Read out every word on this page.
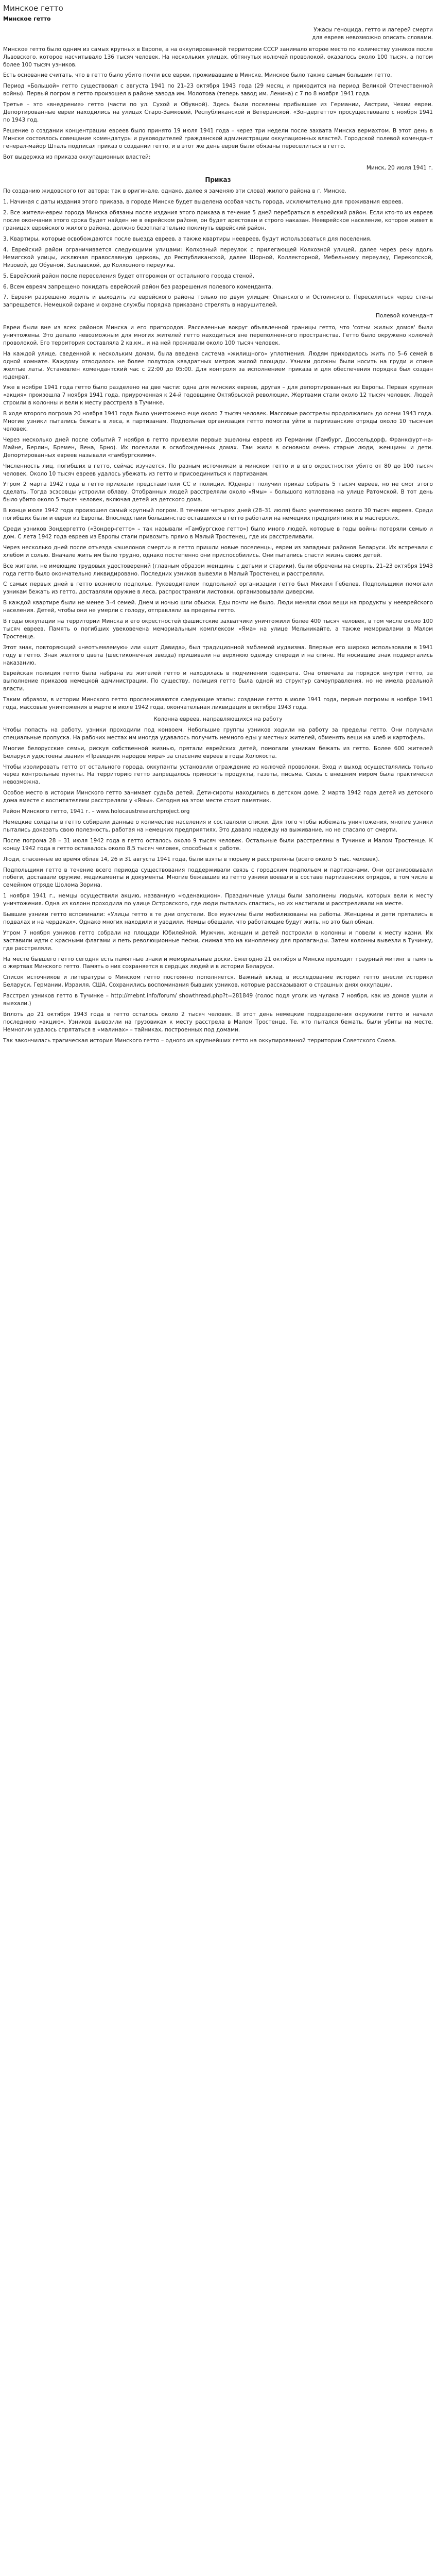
Минское гетто
Минское гетто
Ужасы геноцида, гетто и лагерей смерти
для евреев невозможно описать словами.

Минское гетто было одним из самых крупных в Европе, а на оккупированной территории СССР занимало второе место по количеству узников после Львовского, которое насчитывало 136 тысяч человек. На нескольких улицах, обтянутых колючей проволокой, оказалось около 100 тысяч, а потом более 100 тысяч узников.

Есть основание считать, что в гетто было убито почти все евреи, проживавшие в Минске. Минское было также самым большим гетто.

Период «Большой» гетто существовал с августа 1941 по 21–23 октября 1943 года (29 месяц и приходится на период Великой Отечественной войны). Первый погром в гетто произошел в районе завода им. Молотова (теперь завод им. Ленина) с 7 по 8 ноября 1941 года.

Третье – это «внедрение» гетто (части по ул. Сухой и Обувной). Здесь были поселены прибывшие из Германии, Австрии, Чехии евреи. Депортированные евреи находились на улицах Старо-Замковой, Республиканской и Ветеранской. «Зондергетто» просуществовало с ноября 1941 по 1943 год.

Решение о создании концентрации евреев было принято 19 июля 1941 года – через три недели после захвата Минска вермахтом. В этот день в Минске состоялось совещание комендатуры и руководителей гражданской администрации оккупационных властей. Городской полевой комендант генерал-майор Шталь подписал приказ о создании гетто, и в этот же день евреи были обязаны переселиться в гетто.

Вот выдержка из приказа оккупационных властей:

Минск, 20 июля 1941 г.
Приказ

По созданию жидовского (от автора: так в оригинале, однако, далее я заменяю эти слова) жилого района в г. Минске.

1. Начиная с даты издания этого приказа, в городе Минске будет выделена особая часть города, исключительно для проживания евреев.

2. Все жители-евреи города Минска обязаны после издания этого приказа в течение 5 дней перебраться в еврейский район. Если кто-то из евреев после окончания этого срока будет найден не в еврейском районе, он будет арестован и строго наказан. Нееврейское население, которое живет в границах еврейского жилого района, должно безотлагательно покинуть еврейский район.

3. Квартиры, которые освобождаются после выезда евреев, а также квартиры неевреев, будут использоваться для поселения.

4. Еврейский район ограничивается следующими улицами: Колхозный переулок с прилегающей Колхозной улицей, далее через реку вдоль Немигской улицы, исключая православную церковь, до Республиканской, далее Шорной, Коллекторной, Мебельному переулку, Перекопской, Низовой, до Обувной, Заславской, до Колхозного переулка.

5. Еврейский район после переселения будет отгорожен от остального города стеной.

6. Всем евреям запрещено покидать еврейский район без разрешения полевого коменданта.

7. Евреям разрешено ходить и выходить из еврейского района только по двум улицам: Опанского и Остоинского. Переселиться через стены запрещается. Немецкой охране и охране службы порядка приказано стрелять в нарушителей.

Полевой комендант

Евреи были вне из всех районов Минска и его пригородов. Расселенные вокруг объявленной границы гетто, что 'сотни жилых домов' были уничтожены. Это делало невозможным для многих жителей гетто находиться вне переполненного пространства. Гетто было окружено колючей проволокой. Его территория составляла 2 кв.км., и на ней проживали около 100 тысяч человек.

На каждой улице, сведенной к нескольким домам, была введена система «жилищного» уплотнения. Людям приходилось жить по 5–6 семей в одной комнате. Каждому отводилось не более полутора квадратных метров жилой площади. Узники должны были носить на груди и спине желтые латы. Установлен комендантский час с 22:00 до 05:00. Для контроля за исполнением приказа и для обеспечения порядка был создан юденрат.

Уже в ноябре 1941 года гетто было разделено на две части: одна для минских евреев, другая – для депортированных из Европы. Первая крупная «акция» произошла 7 ноября 1941 года, приуроченная к 24-й годовщине Октябрьской революции. Жертвами стали около 12 тысяч человек. Людей строили в колонны и вели к месту расстрела в Тучинке.

В ходе второго погрома 20 ноября 1941 года было уничтожено еще около 7 тысяч человек. Массовые расстрелы продолжались до осени 1943 года. Многие узники пытались бежать в леса, к партизанам. Подпольная организация гетто помогла уйти в партизанские отряды около 10 тысячам человек.

Через несколько дней после событий 7 ноября в гетто привезли первые эшелоны евреев из Германии (Гамбург, Дюссельдорф, Франкфурт-на-Майне, Берлин, Бремен, Вена, Брно). Их поселили в освобожденных домах. Там жили в основном очень старые люди, женщины и дети. Депортированных евреев называли «гамбургскими».

Численность лиц, погибших в гетто, сейчас изучается. По разным источникам в минском гетто и в его окрестностях убито от 80 до 100 тысяч человек. Около 10 тысяч евреев удалось убежать из гетто и присоединиться к партизанам.

Утром 2 марта 1942 года в гетто приехали представители СС и полиции. Юденрат получил приказ собрать 5 тысяч евреев, но не смог этого сделать. Тогда эсэсовцы устроили облаву. Отобранных людей расстреляли около «Ямы» – большого котлована на улице Ратомской. В тот день было убито около 5 тысяч человек, включая детей из детского дома.

В конце июля 1942 года произошел самый крупный погром. В течение четырех дней (28–31 июля) было уничтожено около 30 тысяч евреев. Среди погибших были и евреи из Европы. Впоследствии большинство оставшихся в гетто работали на немецких предприятиях и в мастерских.

Среди узников Зондергетто («Зондер-гетто» – так называли «Гамбургское гетто») было много людей, которые в годы войны потеряли семью и дом. С лета 1942 года евреев из Европы стали привозить прямо в Малый Тростенец, где их расстреливали.

Через несколько дней после отъезда «эшелонов смерти» в гетто пришли новые поселенцы, евреи из западных районов Беларуси. Их встречали с хлебом и солью. Вначале жить им было трудно, однако постепенно они приспособились. Они пытались спасти жизнь своих детей.

Все жители, не имеющие трудовых удостоверений (главным образом женщины с детьми и старики), были обречены на смерть. 21–23 октября 1943 года гетто было окончательно ликвидировано. Последних узников вывезли в Малый Тростенец и расстреляли.

С самых первых дней в гетто возникло подполье. Руководителем подпольной организации гетто был Михаил Гебелев. Подпольщики помогали узникам бежать из гетто, доставляли оружие в леса, распространяли листовки, организовывали диверсии.

В каждой квартире были не менее 3–4 семей. Днем и ночью шли обыски. Еды почти не было. Люди меняли свои вещи на продукты у нееврейского населения. Детей, чтобы они не умерли с голоду, отправляли за пределы гетто.

В годы оккупации на территории Минска и его окрестностей фашистские захватчики уничтожили более 400 тысяч человек, в том числе около 100 тысяч евреев. Память о погибших увековечена мемориальным комплексом «Яма» на улице Мельникайте, а также мемориалами в Малом Тростенце.

Этот знак, повторяющий «неотъемлемую» или «щит Давида», был традиционной эмблемой иудаизма. Впервые его широко использовали в 1941 году в гетто. Знак желтого цвета (шестиконечная звезда) пришивали на верхнюю одежду спереди и на спине. Не носившие знак подвергались наказанию.

Еврейская полиция гетто была набрана из жителей гетто и находилась в подчинении юденрата. Она отвечала за порядок внутри гетто, за выполнение приказов немецкой администрации. По существу, полиция гетто была одной из структур самоуправления, но не имела реальной власти.

Таким образом, в истории Минского гетто прослеживаются следующие этапы: создание гетто в июле 1941 года, первые погромы в ноябре 1941 года, массовые уничтожения в марте и июле 1942 года, окончательная ликвидация в октябре 1943 года.

Колонна евреев, направляющихся на работу

Чтобы попасть на работу, узники проходили под конвоем. Небольшие группы узников ходили на работу за пределы гетто. Они получали специальные пропуска. На рабочих местах им иногда удавалось получить немного еды у местных жителей, обменять вещи на хлеб и картофель.

Многие белорусские семьи, рискуя собственной жизнью, прятали еврейских детей, помогали узникам бежать из гетто. Более 600 жителей Беларуси удостоены звания «Праведник народов мира» за спасение евреев в годы Холокоста.

Чтобы изолировать гетто от остального города, оккупанты установили ограждение из колючей проволоки. Вход и выход осуществлялись только через контрольные пункты. На территорию гетто запрещалось приносить продукты, газеты, письма. Связь с внешним миром была практически невозможна.

Особое место в истории Минского гетто занимает судьба детей. Дети-сироты находились в детском доме. 2 марта 1942 года детей из детского дома вместе с воспитателями расстреляли у «Ямы». Сегодня на этом месте стоит памятник.

Район Минского гетто, 1941 г. – www.holocaustresearchproject.org

Немецкие солдаты в гетто собирали данные о количестве населения и составляли списки. Для того чтобы избежать уничтожения, многие узники пытались доказать свою полезность, работая на немецких предприятиях. Это давало надежду на выживание, но не спасало от смерти.

После погрома 28 – 31 июля 1942 года в гетто осталось около 9 тысяч человек. Остальные были расстреляны в Тучинке и Малом Тростенце. К концу 1942 года в гетто оставалось около 8,5 тысяч человек, способных к работе.

Люди, спасенные во время облав 14, 26 и 31 августа 1941 года, были взяты в тюрьму и расстреляны (всего около 5 тыс. человек).

Подпольщики гетто в течение всего периода существования поддерживали связь с городским подпольем и партизанами. Они организовывали побеги, доставали оружие, медикаменты и документы. Многие бежавшие из гетто узники воевали в составе партизанских отрядов, в том числе в семейном отряде Шолома Зорина.

1 ноября 1941 г., немцы осуществили акцию, названную «юденакцион». Праздничные улицы были заполнены людьми, которых вели к месту уничтожения. Одна из колонн проходила по улице Островского, где люди пытались спастись, но их настигали и расстреливали на месте.

Бывшие узники гетто вспоминали: «Улицы гетто в те дни опустели. Все мужчины были мобилизованы на работы. Женщины и дети прятались в подвалах и на чердаках». Однако многих находили и уводили. Немцы обещали, что работающие будут жить, но это был обман.

Утром 7 ноября узников гетто собрали на площади Юбилейной. Мужчин, женщин и детей построили в колонны и повели к месту казни. Их заставили идти с красными флагами и петь революционные песни, снимая это на кинопленку для пропаганды. Затем колонны вывезли в Тучинку, где расстреляли.

На месте бывшего гетто сегодня есть памятные знаки и мемориальные доски. Ежегодно 21 октября в Минске проходит траурный митинг в память о жертвах Минского гетто. Память о них сохраняется в сердцах людей и в истории Беларуси.

Список источников и литературы о Минском гетто постоянно пополняется. Важный вклад в исследование истории гетто внесли историки Беларуси, Германии, Израиля, США. Сохранились воспоминания бывших узников, которые рассказывают о страшных днях оккупации.

Расстрел узников гетто в Тучинке – http://mebnt.info/forum/ showthread.php?t=281849 (голос подл уголк из чулака 7 ноября, как из домов ушли и выехали.)

Вплоть до 21 октября 1943 года в гетто осталось около 2 тысяч человек. В этот день немецкие подразделения окружили гетто и начали последнюю «акцию». Узников вывозили на грузовиках к месту расстрела в Малом Тростенце. Те, кто пытался бежать, были убиты на месте. Немногим удалось спрятаться в «малинах» – тайниках, построенных под домами.

Так закончилась трагическая история Минского гетто – одного из крупнейших гетто на оккупированной территории Советского Союза.
